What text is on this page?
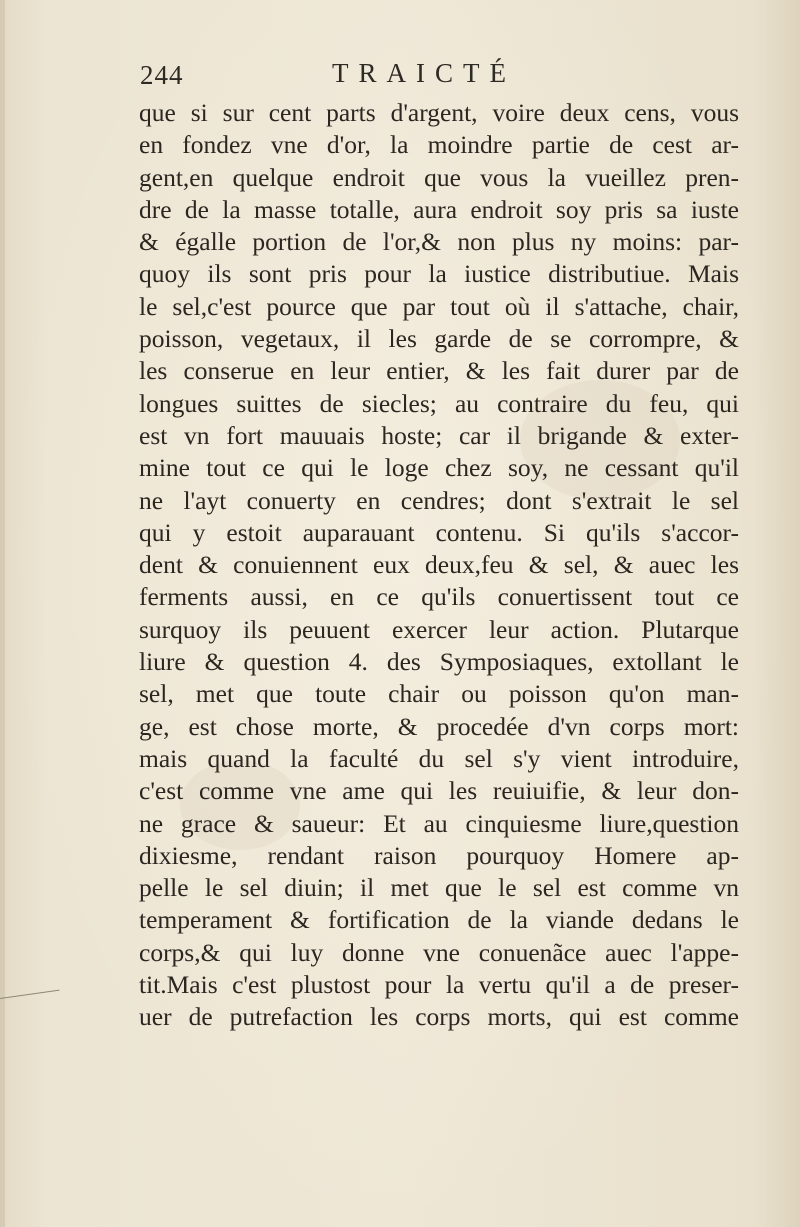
244	TRAICTÉ
que si sur cent parts d'argent, voire deux cens, vous
en fondez vne d'or, la moindre partie de cest ar-
gent,en quelque endroit que vous la vueillez pren-
dre de la masse totalle, aura endroit soy pris sa iuste
& égalle portion de l'or,& non plus ny moins: par-
quoy ils sont pris pour la iustice distributiue. Mais
le sel,c'est pource que par tout où il s'attache, chair,
poisson, vegetaux, il les garde de se corrompre, &
les conserue en leur entier, & les fait durer par de
longues suittes de siecles; au contraire du feu, qui
est vn fort mauuais hoste; car il brigande & exter-
mine tout ce qui le loge chez soy, ne cessant qu'il
ne l'ayt conuerty en cendres; dont s'extrait le sel
qui y estoit auparauant contenu. Si qu'ils s'accor-
dent & conuiennent eux deux,feu & sel, & auec les
ferments aussi, en ce qu'ils conuertissent tout ce
surquoy ils peuuent exercer leur action. Plutarque
liure & question 4. des Symposiaques, extollant le
sel, met que toute chair ou poisson qu'on man-
ge, est chose morte, & procedée d'vn corps mort:
mais quand la faculté du sel s'y vient introduire,
c'est comme vne ame qui les reuiuifie, & leur don-
ne grace & saueur: Et au cinquiesme liure,question
dixiesme, rendant raison pourquoy Homere ap-
pelle le sel diuin; il met que le sel est comme vn
temperament & fortification de la viande dedans le
corps,& qui luy donne vne conuenãce auec l'appe-
tit.Mais c'est plustost pour la vertu qu'il a de preser-
uer de putrefaction les corps morts, qui est comme
